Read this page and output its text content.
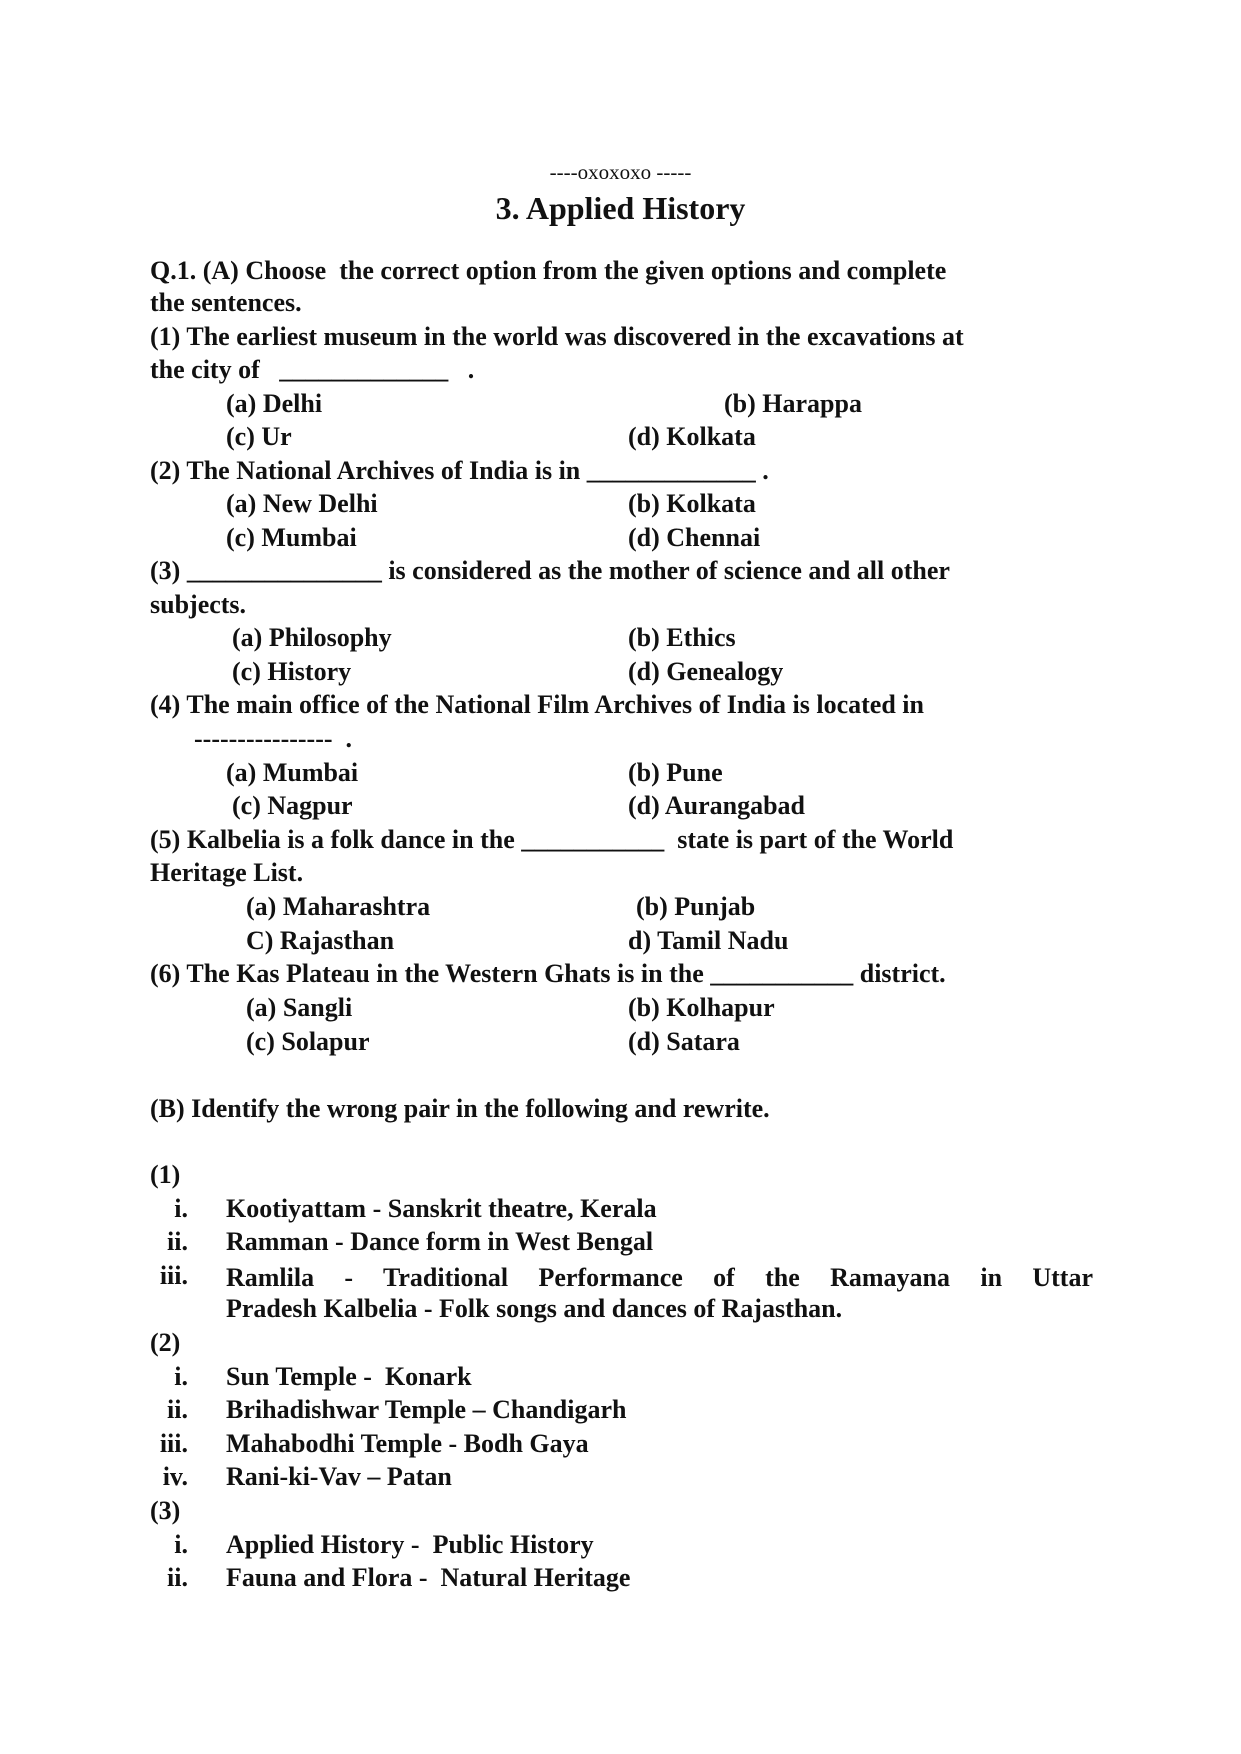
----oxoxoxo -----
3. Applied History
Q.1. (A) Choose  the correct option from the given options and complete
the sentences.
(1) The earliest museum in the world was discovered in the excavations at
the city of   _____________   .
(a) Delhi	(b) Harappa
(c) Ur	(d) Kolkata
(2) The National Archives of India is in _____________ .
(a) New Delhi	(b) Kolkata
(c) Mumbai	(d) Chennai
(3) _______________ is considered as the mother of science and all other
subjects.
(a) Philosophy	(b) Ethics
(c) History	(d) Genealogy
(4) The main office of the National Film Archives of India is located in
----------------  .
(a) Mumbai	(b) Pune
(c) Nagpur	(d) Aurangabad
(5) Kalbelia is a folk dance in the ___________  state is part of the World
Heritage List.
(a) Maharashtra	(b) Punjab
C) Rajasthan	d) Tamil Nadu
(6) The Kas Plateau in the Western Ghats is in the ___________ district.
(a) Sangli	(b) Kolhapur
(c) Solapur	(d) Satara
(B) Identify the wrong pair in the following and rewrite.
(1)
i. Kootiyattam - Sanskrit theatre, Kerala
ii. Ramman - Dance form in West Bengal
iii. Ramlila - Traditional Performance of the Ramayana in Uttar
Pradesh Kalbelia - Folk songs and dances of Rajasthan.
(2)
i. Sun Temple -  Konark
ii. Brihadishwar Temple – Chandigarh
iii. Mahabodhi Temple - Bodh Gaya
iv. Rani-ki-Vav – Patan
(3)
i. Applied History -  Public History
ii. Fauna and Flora -  Natural Heritage
